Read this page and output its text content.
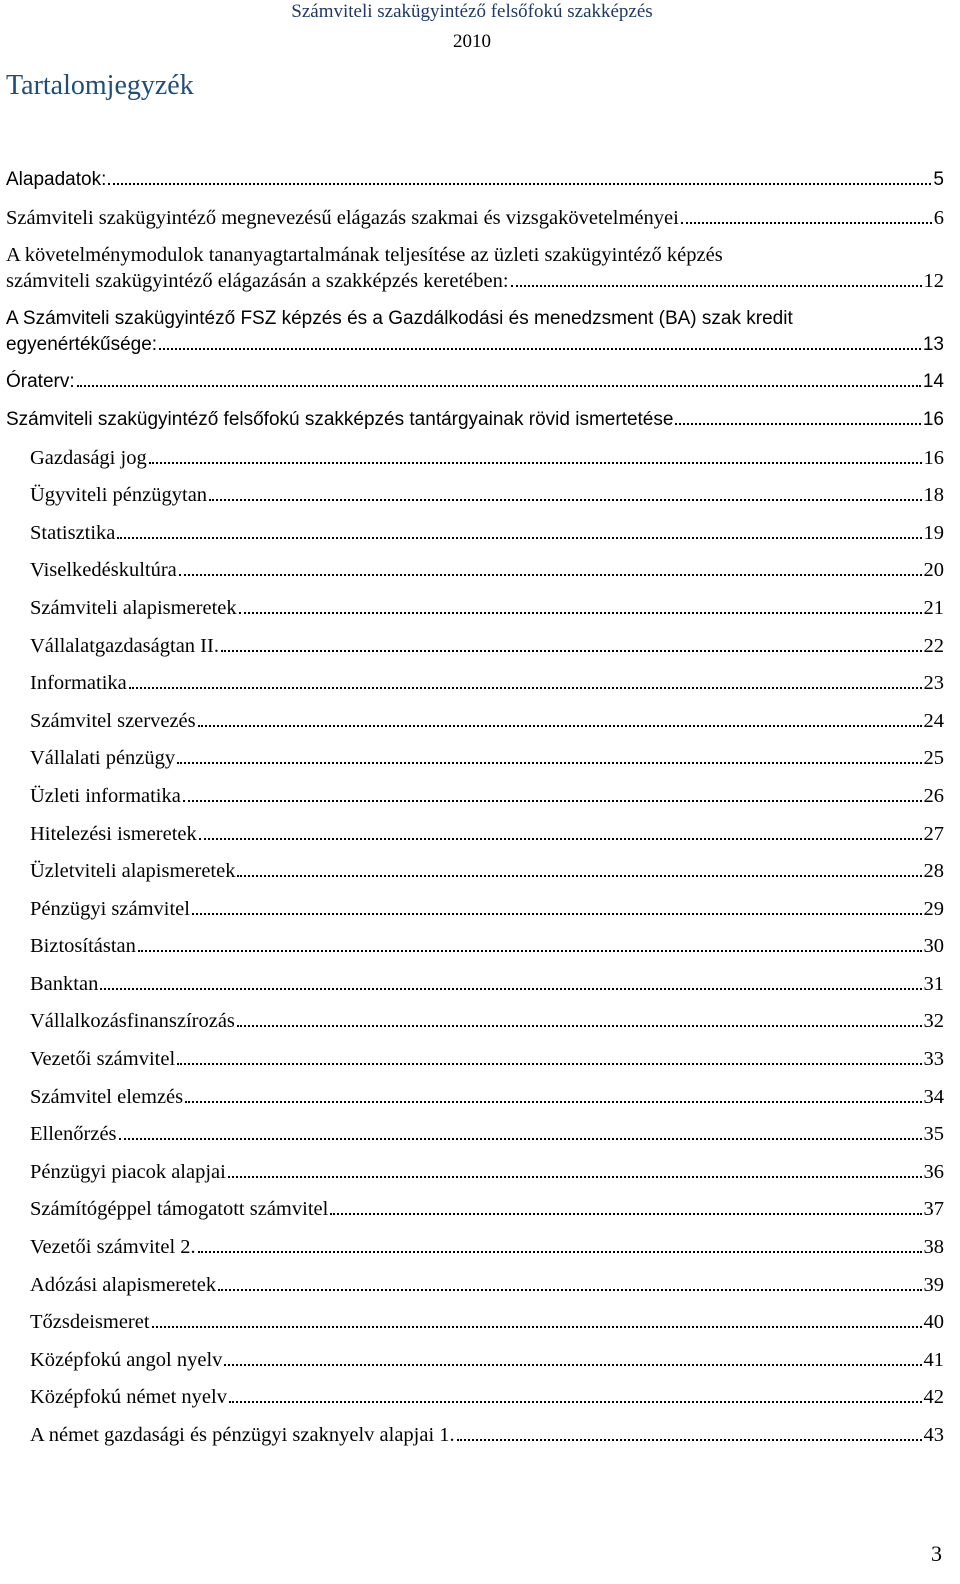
Számviteli szakügyintéző felsőfokú szakképzés
2010
Tartalomjegyzék
Alapadatok:	5
Számviteli szakügyintéző megnevezésű elágazás szakmai és vizsgakövetelményei	6
A követelménymodulok tananyagtartalmának teljesítése az üzleti szakügyintéző képzés
számviteli szakügyintéző elágazásán a szakképzés keretében:	12
A Számviteli szakügyintéző FSZ képzés és a Gazdálkodási és menedzsment (BA) szak kredit
egyenértékűsége:	13
Óraterv:	14
Számviteli szakügyintéző felsőfokú szakképzés tantárgyainak rövid ismertetése	16
Gazdasági jog	16
Ügyviteli pénzügytan	18
Statisztika	19
Viselkedéskultúra	20
Számviteli alapismeretek	21
Vállalatgazdaságtan II.	22
Informatika	23
Számvitel szervezés	24
Vállalati pénzügy	25
Üzleti informatika	26
Hitelezési ismeretek	27
Üzletviteli alapismeretek	28
Pénzügyi számvitel	29
Biztosítástan	30
Banktan	31
Vállalkozásfinanszírozás	32
Vezetői számvitel	33
Számvitel elemzés	34
Ellenőrzés	35
Pénzügyi piacok alapjai	36
Számítógéppel támogatott számvitel	37
Vezetői számvitel 2.	38
Adózási alapismeretek	39
Tőzsdeismeret	40
Középfokú angol nyelv	41
Középfokú német nyelv	42
A német gazdasági és pénzügyi szaknyelv alapjai 1.	43
3
